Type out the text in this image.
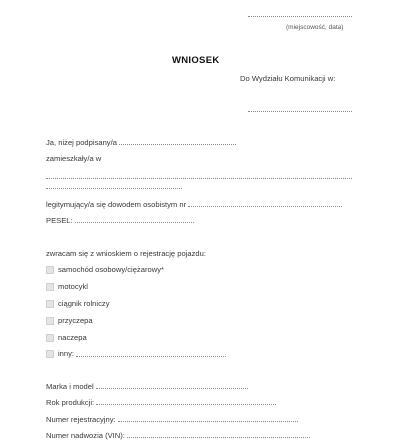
(miejscowość, data)
WNIOSEK
Do Wydziału Komunikacji w:
Ja, niżej podpisany/a
zamieszkały/a w
legitymujący/a się dowodem osobistym nr
PESEL:
zwracam się z wnioskiem o rejestrację pojazdu:
samochód osobowy/ciężarowy*
motocykl
ciągnik rolniczy
przyczepa
naczepa
inny:
Marka i model
Rok produkcji:
Numer rejestracyjny:
Numer nadwozia (VIN):
